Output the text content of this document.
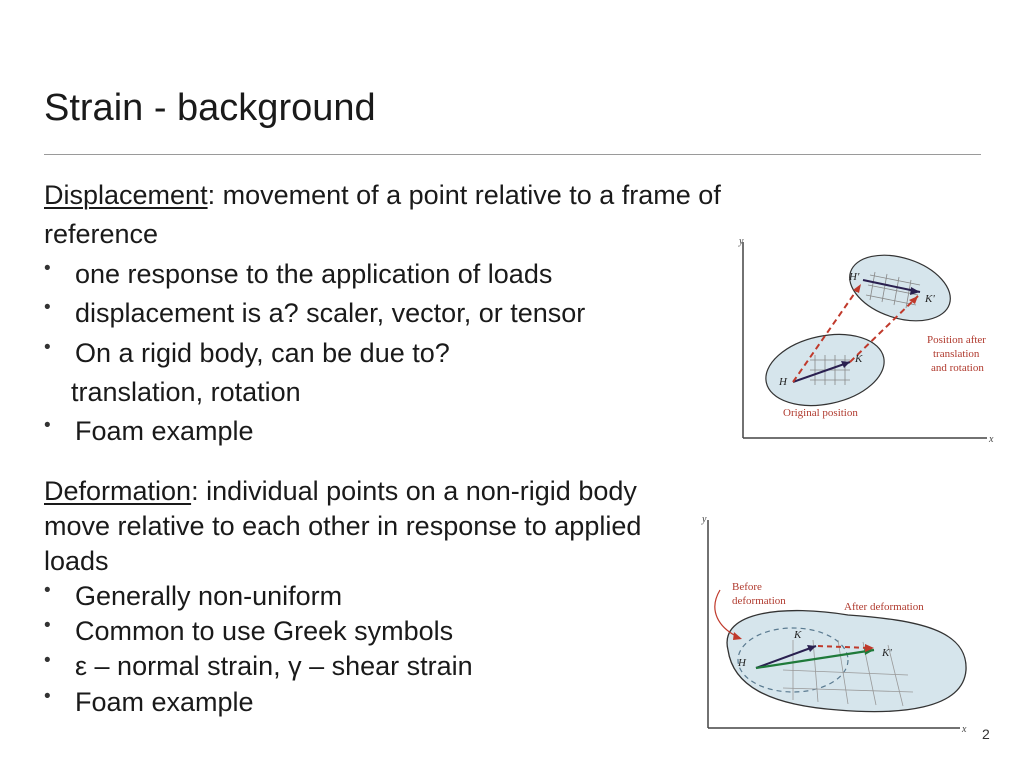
Strain - background
Displacement: movement of a point relative to a frame of reference
• one response to the application of loads
• displacement is a? scaler, vector, or tensor
• On a rigid body, can be due to?
translation, rotation
• Foam example
y
x
H
K
H'
K'
Position after
translation
and rotation
Original position
Deformation: individual points on a non-rigid body move relative to each other in response to applied loads
• Generally non-uniform
• Common to use Greek symbols
• ε – normal strain, γ – shear strain
• Foam example
y
x
H
K
K'
Before
deformation	After deformation
2
